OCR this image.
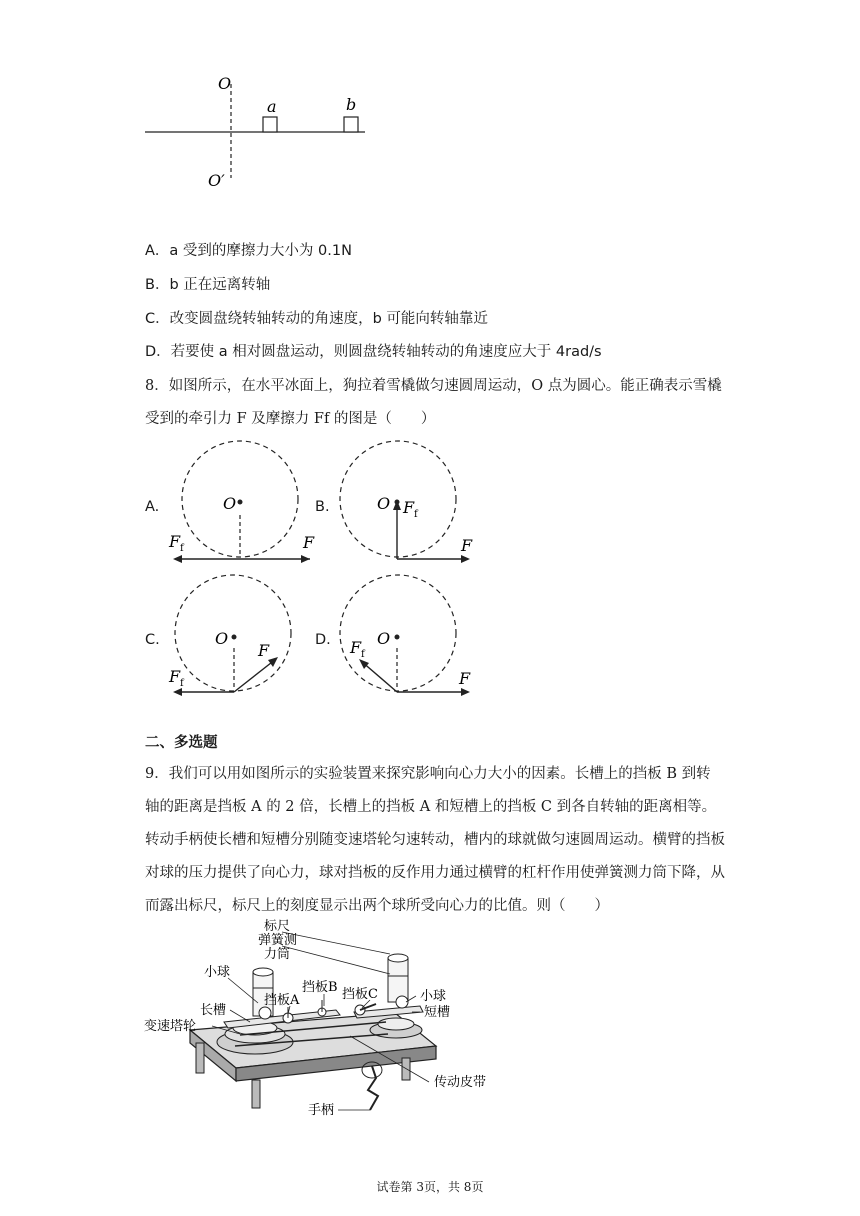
O
O′
a	b
A．a 受到的摩擦力大小为 0.1N
B．b 正在远离转轴
C．改变圆盘绕转轴转动的角速度，b 可能向转轴靠近
D．若要使 a 相对圆盘运动，则圆盘绕转轴转动的角速度应大于 4rad/s
8．如图所示，在水平冰面上，狗拉着雪橇做匀速圆周运动，O 点为圆心。能正确表示雪橇受到的牵引力 F 及摩擦力 Ff 的图是（　　）
A.	O
F f	F
B.	O F f
F
C.	O
F
F f
D.	O
F f
F
二、多选题
9．我们可以用如图所示的实验装置来探究影响向心力大小的因素。长槽上的挡板 B 到转轴的距离是挡板 A 的 2 倍，长槽上的挡板 A 和短槽上的挡板 C 到各自转轴的距离相等。转动手柄使长槽和短槽分别随变速塔轮匀速转动，槽内的球就做匀速圆周运动。横臂的挡板对球的压力提供了向心力，球对挡板的反作用力通过横臂的杠杆作用使弹簧测力筒下降，从而露出标尺，标尺上的刻度显示出两个球所受向心力的比值。则（　　）
标尺
弹簧测
力筒
小球
挡板A
挡板B 挡板C	小球
长槽	短槽
变速塔轮
传动皮带
手柄
试卷第 3页，共 8页
